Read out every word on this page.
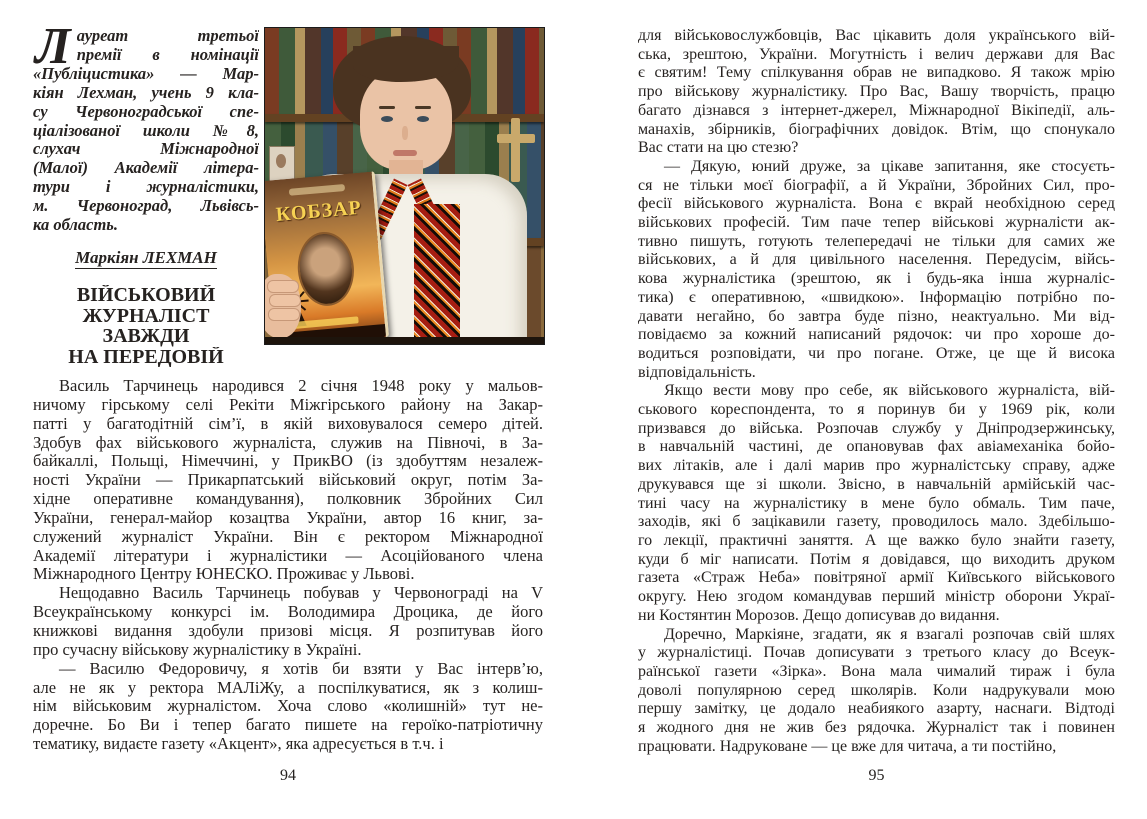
Л ауреат третьої
премії в номінації
«Публіцистика» — Мар-
кіян Лехман, учень 9 кла-
су Червоноградської спе-
ціалізованої школи №8,
слухач Міжнародної
(Малої) Академії літера-
тури і журналістики,
м. Червоноград, Львівсь-
ка область.
Маркіян ЛЕХМАН
ВІЙСЬКОВИЙ
ЖУРНАЛІСТ
ЗАВЖДИ
НА ПЕРЕДОВІЙ
КОБЗАР
Василь Тарчинець народився 2 січня 1948 року у мальов-
ничому гірському селі Рекіти Міжгірського району на Закар-
патті у багатодітній сім’ї, в якій виховувалося семеро дітей.
Здобув фах військового журналіста, служив на Півночі, в За-
байкаллі, Польщі, Німеччині, у ПрикВО (із здобуттям незалеж-
ності України — Прикарпатський військовий округ, потім За-
хідне оперативне командування), полковник Збройних Сил
України, генерал-майор козацтва України, автор 16 книг, за-
служений журналіст України. Він є ректором Міжнародної
Академії літератури і журналістики — Асоційованого члена
Міжнародного Центру ЮНЕСКО. Проживає у Львові.
Нещодавно Василь Тарчинець побував у Червонограді на V
Всеукраїнському конкурсі ім. Володимира Дроцика, де його
книжкові видання здобули призові місця. Я розпитував його
про сучасну військову журналістику в Україні.
— Василю Федоровичу, я хотів би взяти у Вас інтерв’ю,
але не як у ректора МАЛіЖу, а поспілкуватися, як з колиш-
нім військовим журналістом. Хоча слово «колишній» тут не-
доречне. Бо Ви і тепер багато пишете на героїко-патріотичну
тематику, видаєте газету «Акцент», яка адресується в т.ч. і
94
для військовослужбовців, Вас цікавить доля українського вій-
ська, зрештою, України. Могутність і велич держави для Вас
є святим! Тему спілкування обрав не випадково. Я також мрію
про військову журналістику. Про Вас, Вашу творчість, працю
багато дізнався з інтернет-джерел, Міжнародної Вікіпедії, аль-
манахів, збірників, біографічних довідок. Втім, що спонукало
Вас стати на цю стезю?
— Дякую, юний друже, за цікаве запитання, яке стосуєть-
ся не тільки моєї біографії, а й України, Збройних Сил, про-
фесії військового журналіста. Вона є вкрай необхідною серед
військових професій. Тим паче тепер військові журналісти ак-
тивно пишуть, готують телепередачі не тільки для самих же
військових, а й для цивільного населення. Передусім, війсь-
кова журналістика (зрештою, як і будь-яка інша журналіс-
тика) є оперативною, «швидкою». Інформацію потрібно по-
давати негайно, бо завтра буде пізно, неактуально. Ми від-
повідаємо за кожний написаний рядочок: чи про хороше до-
водиться розповідати, чи про погане. Отже, це ще й висока
відповідальність.
Якщо вести мову про себе, як військового журналіста, вій-
ськового кореспондента, то я поринув би у 1969 рік, коли
призвався до війська. Розпочав службу у Дніпродзержинську,
в навчальній частині, де опановував фах авіамеханіка бойо-
вих літаків, але і далі марив про журналістську справу, адже
друкувався ще зі школи. Звісно, в навчальній армійській час-
тині часу на журналістику в мене було обмаль. Тим паче,
заходів, які б зацікавили газету, проводилось мало. Здебільшо-
го лекції, практичні заняття. А ще важко було знайти газету,
куди б міг написати. Потім я довідався, що виходить друком
газета «Страж Неба» повітряної армії Київського військового
округу. Нею згодом командував перший міністр оборони Украї-
ни Костянтин Морозов. Дещо дописував до видання.
Доречно, Маркіяне, згадати, як я взагалі розпочав свій шлях
у журналістиці. Почав дописувати з третього класу до Всеук-
раїнської газети «Зірка». Вона мала чималий тираж і була
доволі популярною серед школярів. Коли надрукували мою
першу замітку, це додало неабиякого азарту, наснаги. Відтоді
я жодного дня не жив без рядочка. Журналіст так і повинен
працювати. Надруковане — це вже для читача, а ти постійно,
95
